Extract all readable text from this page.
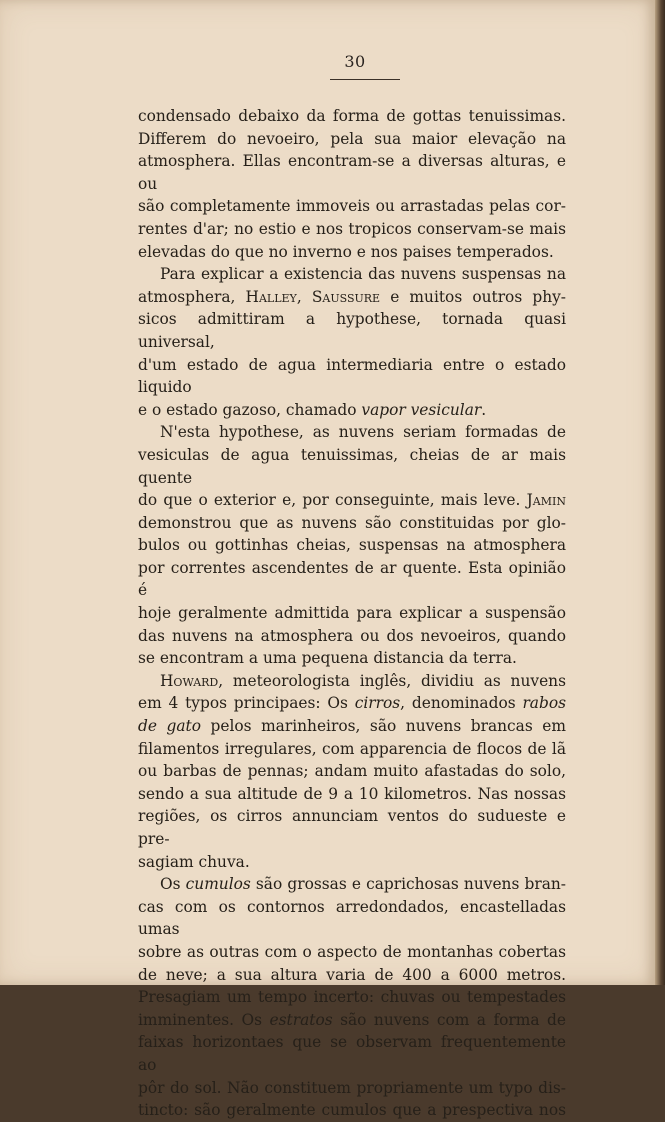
30

condensado debaixo da forma de gottas tenuissimas.

Differem do nevoeiro, pela sua maior elevação na

atmosphera. Ellas encontram-se a diversas alturas, e ou

são completamente immoveis ou arrastadas pelas cor-

rentes d'ar; no estio e nos tropicos conservam-se mais

elevadas do que no inverno e nos paises temperados.

Para explicar a existencia das nuvens suspensas na

atmosphera, Halley, Saussure e muitos outros phy-

sicos admittiram a hypothese, tornada quasi universal,

d'um estado de agua intermediaria entre o estado liquido

e o estado gazoso, chamado vapor vesicular.

N'esta hypothese, as nuvens seriam formadas de

vesiculas de agua tenuissimas, cheias de ar mais quente

do que o exterior e, por conseguinte, mais leve. Jamin

demonstrou que as nuvens são constituidas por glo-

bulos ou gottinhas cheias, suspensas na atmosphera

por correntes ascendentes de ar quente. Esta opinião é

hoje geralmente admittida para explicar a suspensão

das nuvens na atmosphera ou dos nevoeiros, quando

se encontram a uma pequena distancia da terra.

Howard, meteorologista inglês, dividiu as nuvens

em 4 typos principaes: Os cirros, denominados rabos

de gato pelos marinheiros, são nuvens brancas em

filamentos irregulares, com apparencia de flocos de lã

ou barbas de pennas; andam muito afastadas do solo,

sendo a sua altitude de 9 a 10 kilometros. Nas nossas

regiões, os cirros annunciam ventos do sudueste e pre-

sagiam chuva.

Os cumulos são grossas e caprichosas nuvens bran-

cas com os contornos arredondados, encastelladas umas

sobre as outras com o aspecto de montanhas cobertas

de neve; a sua altura varia de 400 a 6000 metros.

Presagiam um tempo incerto: chuvas ou tempestades

imminentes. Os estratos são nuvens com a forma de

faixas horizontaes que se observam frequentemente ao

pôr do sol. Não constituem propriamente um typo dis-

tincto: são geralmente cumulos que a prespectiva nos
